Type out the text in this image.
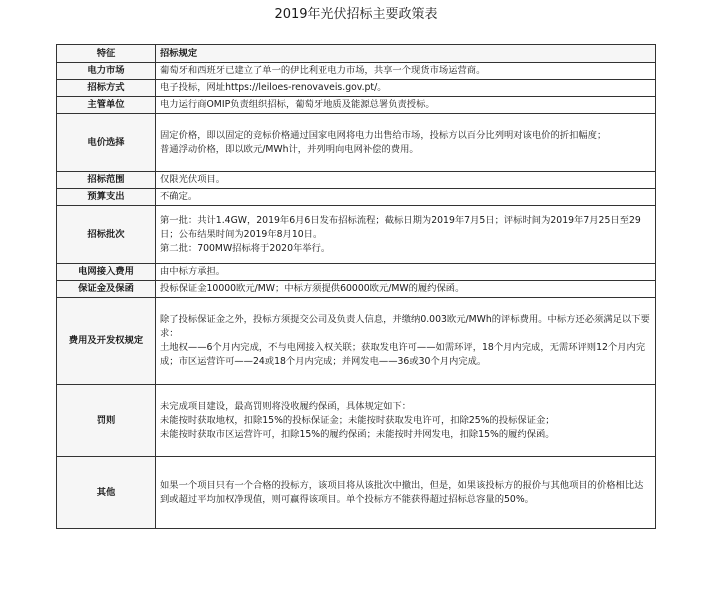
2019年光伏招标主要政策表
特征	招标规定
电力市场	葡萄牙和西班牙已建立了单一的伊比利亚电力市场，共享一个现货市场运营商。

招标方式	电子投标，网址https://leiloes-renovaveis.gov.pt/。

主管单位	电力运行商OMIP负责组织招标，葡萄牙地质及能源总署负责授标。

电价选择	固定价格，即以固定的竞标价格通过国家电网将电力出售给市场，投标方以百分比列明对该电价的折扣幅度；

普通浮动价格，即以欧元/MWh计，并列明向电网补偿的费用。

招标范围	仅限光伏项目。

预算支出	不确定。

招标批次	第一批：共计1.4GW，2019年6月6日发布招标流程；截标日期为2019年7月5日；评标时间为2019年7月25日至29日；公布结果时间为2019年8月10日。

第二批：700MW招标将于2020年举行。

电网接入费用	由中标方承担。

保证金及保函	投标保证金10000欧元/MW；中标方须提供60000欧元/MW的履约保函。

费用及开发权规定	除了投标保证金之外，投标方须提交公司及负责人信息，并缴纳0.003欧元/MWh的评标费用。中标方还必须满足以下要求：

土地权——6个月内完成，不与电网接入权关联；获取发电许可——如需环评，18个月内完成，无需环评则12个月内完成；市区运营许可——24或18个月内完成；并网发电——36或30个月内完成。

罚则	未完成项目建设，最高罚则将没收履约保函，具体规定如下：

未能按时获取地权，扣除15%的投标保证金；未能按时获取发电许可，扣除25%的投标保证金；

未能按时获取市区运营许可，扣除15%的履约保函；未能按时并网发电，扣除15%的履约保函。

其他	如果一个项目只有一个合格的投标方，该项目将从该批次中撤出，但是，如果该投标方的报价与其他项目的价格相比达到或超过平均加权净现值，则可赢得该项目。单个投标方不能获得超过招标总容量的50%。
